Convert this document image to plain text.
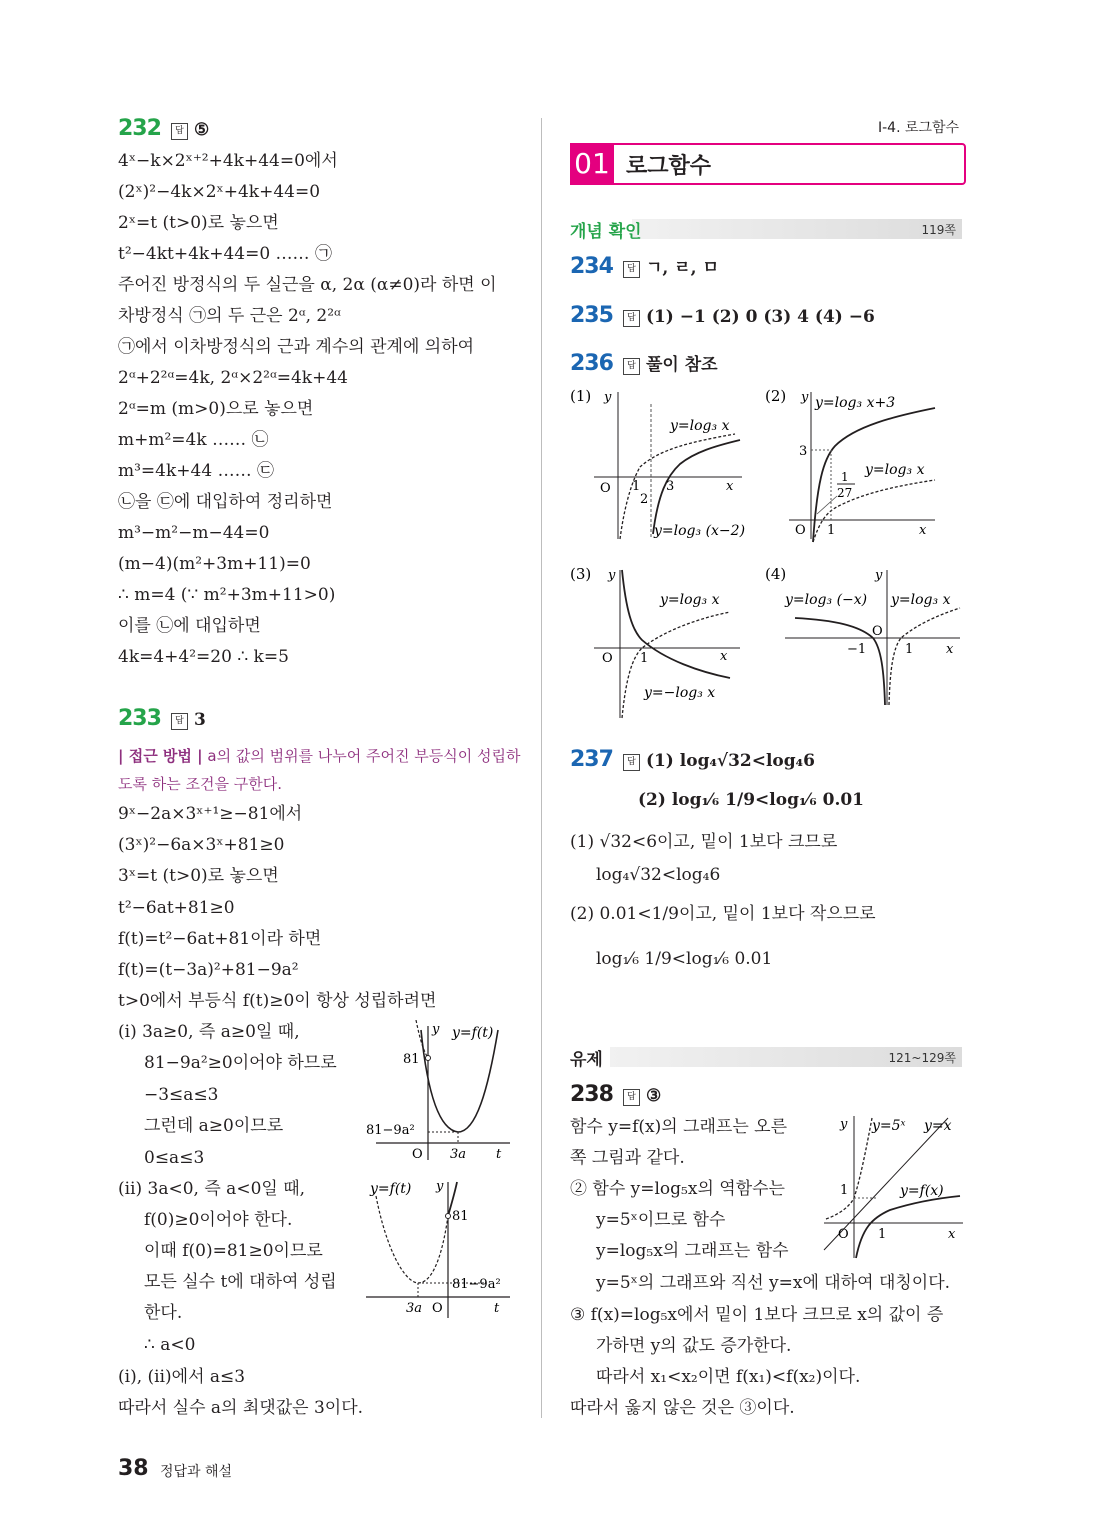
232 답 ⑤
4ˣ−k×2ˣ⁺²+4k+44=0에서
(2ˣ)²−4k×2ˣ+4k+44=0
2ˣ=t (t>0)로 놓으면
t²−4kt+4k+44=0 …… ㉠
주어진 방정식의 두 실근을 α, 2α (α≠0)라 하면 이
차방정식 ㉠의 두 근은 2ᵅ, 2²ᵅ
㉠에서 이차방정식의 근과 계수의 관계에 의하여
2ᵅ+2²ᵅ=4k, 2ᵅ×2²ᵅ=4k+44
2ᵅ=m (m>0)으로 놓으면
m+m²=4k …… ㉡
m³=4k+44 …… ㉢
㉡을 ㉢에 대입하여 정리하면
m³−m²−m−44=0
(m−4)(m²+3m+11)=0
∴ m=4 (∵ m²+3m+11>0)
이를 ㉡에 대입하면
4k=4+4²=20 ∴ k=5
233 답 3
| 접근 방법 | a의 값의 범위를 나누어 주어진 부등식이 성립하
도록 하는 조건을 구한다.
9ˣ−2a×3ˣ⁺¹≥−81에서
(3ˣ)²−6a×3ˣ+81≥0
3ˣ=t (t>0)로 놓으면
t²−6at+81≥0
f(t)=t²−6at+81이라 하면
f(t)=(t−3a)²+81−9a²
t>0에서 부등식 f(t)≥0이 항상 성립하려면
(ⅰ) 3a≥0, 즉 a≥0일 때,
81−9a²≥0이어야 하므로
−3≤a≤3
그런데 a≥0이므로
0≤a≤3
(ⅱ) 3a<0, 즉 a<0일 때,
f(0)≥0이어야 한다.
이때 f(0)=81≥0이므로
모든 실수 t에 대하여 성립
한다.
∴ a<0
(ⅰ), (ⅱ)에서 a≤3
따라서 실수 a의 최댓값은 3이다.
y y=f(t)
81
81−9a²
O 3a t
y=f(t) y
81
81−9a²
3a O	t
I-4. 로그함수
01 로그함수
개념 확인	119쪽
234 답 ㄱ, ㄹ, ㅁ
235 답 (1) −1 (2) 0 (3) 4 (4) −6
236 답 풀이 참조
(1) y
y=log₃ x
y=log₃ (x−2)
O 1
2
3	x
(2) y y=log₃ x+3
y=log₃ x
3
1
27
O 1	x
(3) y
y=log₃ x
y=−log₃ x
O 1	x
(4)	y
y=log₃ (−x) y=log₃ x
O
−1	1	x
237 답 (1) log₄√32<log₄6
(2) log₁⁄₆ 1/9<log₁⁄₆ 0.01
(1) √32<6이고, 밑이 1보다 크므로
log₄√32<log₄6
(2) 0.01<1/9이고, 밑이 1보다 작으므로
log₁⁄₆ 1/9<log₁⁄₆ 0.01
유제	121~129쪽
238 답 ③
함수 y=f(x)의 그래프는 오른
쪽 그림과 같다.
② 함수 y=log₅x의 역함수는
y=5ˣ이므로 함수
y=log₅x의 그래프는 함수
y=5ˣ의 그래프와 직선 y=x에 대하여 대칭이다.
③ f(x)=log₅x에서 밑이 1보다 크므로 x의 값이 증
가하면 y의 값도 증가한다.
따라서 x₁<x₂이면 f(x₁)<f(x₂)이다.
따라서 옳지 않은 것은 ③이다.
y y=5ˣ y=x
y=f(x)
1
O 1	x
38 정답과 해설
